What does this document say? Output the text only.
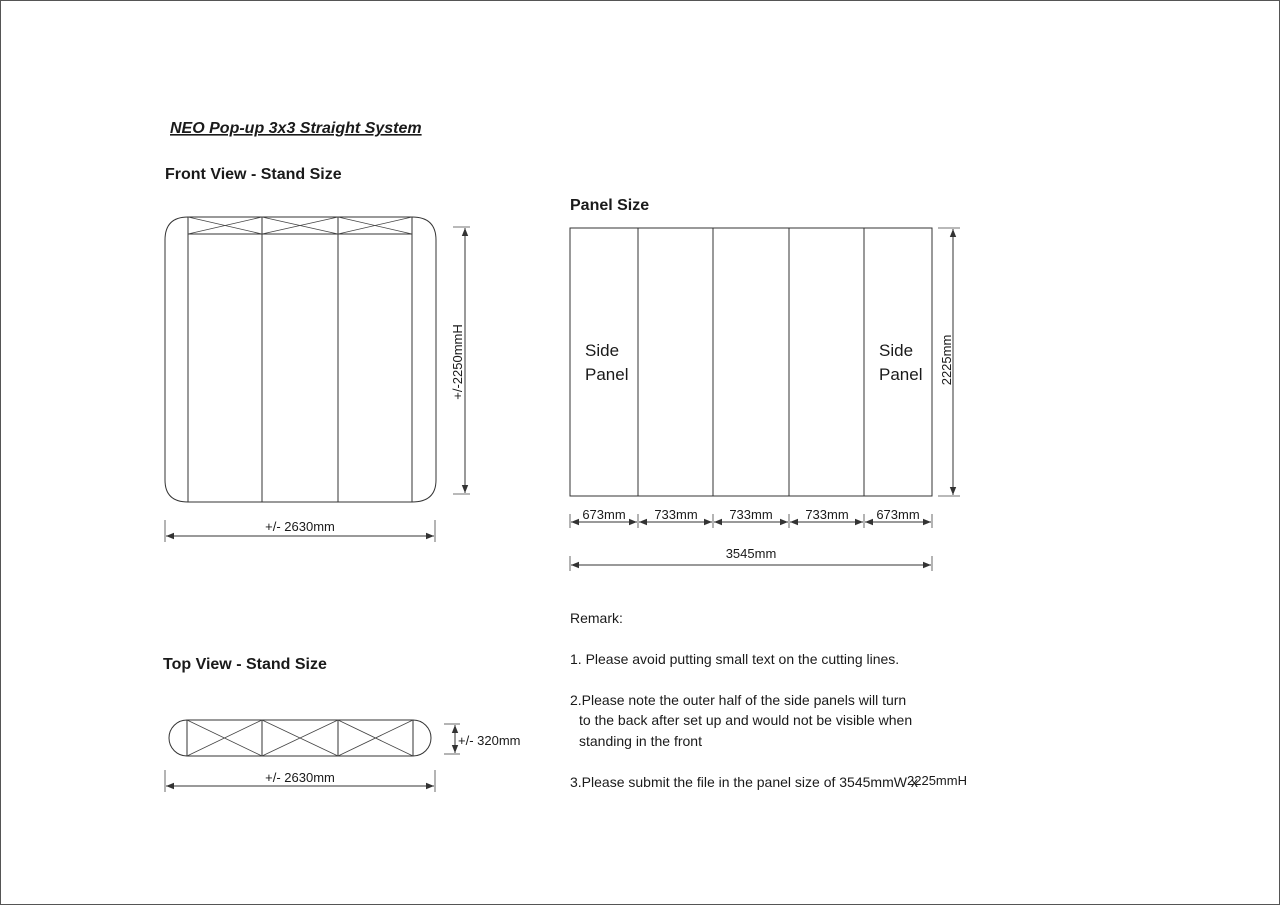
NEO Pop-up 3x3 Straight System
Front View - Stand Size
+/-2250mmH
+/- 2630mm
Panel Size
Side
Panel
Side
Panel 2225mm
673mm 733mm 733mm	733mm 673mm
3545mm
Top View - Stand Size
+/- 320mm
+/- 2630mm
Remark:
1. Please avoid putting small text on the cutting lines.
2.Please note the outer half of the side panels will turn
to the back after set up and would not be visible when
standing in the front
3.Please submit the file in the panel size of 3545mmW x
2225mmH
